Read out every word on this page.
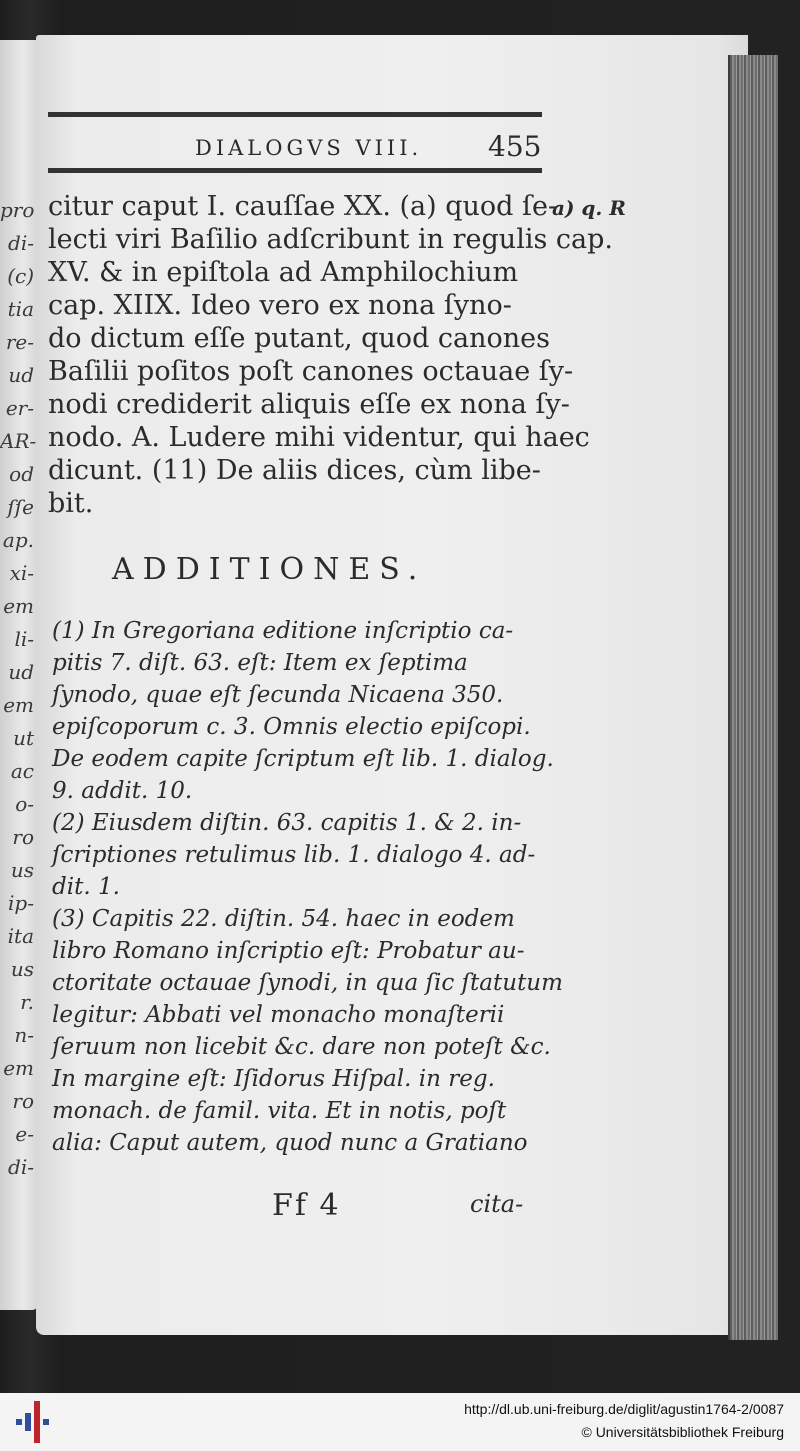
pro
di-
(c)
tia
re-
ud
er-
AR-
od
ſſe
ap.
xi-
em
li-
ud
em
ut
ac
o-
ro
us
ip-
ita
us
r.
n-
em
ro
e-
di-
DIALOGVS VIII. 455
citur caput I. cauſſae XX. (a) quod ſe-
lecti viri Baſilio adſcribunt in regulis cap.
XV. & in epiſtola ad Amphilochium
cap. XIIX. Ideo vero ex nona ſyno-
do dictum eſſe putant, quod canones
Baſilii poſitos poſt canones octauae ſy-
nodi crediderit aliquis eſſe ex nona ſy-
nodo. A. Ludere mihi videntur, qui haec
dicunt. (11) De aliis dices, cùm libe-
bit.
a) q. R
ADDITIONES.
(1) In Gregoriana editione inſcriptio ca-
pitis 7. diſt. 63. eſt: Item ex ſeptima
ſynodo, quae eſt ſecunda Nicaena 350.
epiſcoporum c. 3. Omnis electio epiſcopi.
De eodem capite ſcriptum eſt lib. 1. dialog.
9. addit. 10.
(2) Eiusdem diſtin. 63. capitis 1. & 2. in-
ſcriptiones retulimus lib. 1. dialogo 4. ad-
dit. 1.
(3) Capitis 22. diſtin. 54. haec in eodem
libro Romano inſcriptio eſt: Probatur au-
ctoritate octauae ſynodi, in qua ſic ſtatutum
legitur: Abbati vel monacho monaſterii
ſeruum non licebit &c. dare non poteſt &c.
In margine eſt: Iſidorus Hiſpal. in reg.
monach. de famil. vita. Et in notis, poſt
alia: Caput autem, quod nunc a Gratiano
Ff 4	cita-
http://dl.ub.uni-freiburg.de/diglit/agustin1764-2/0087
© Universitätsbibliothek Freiburg
